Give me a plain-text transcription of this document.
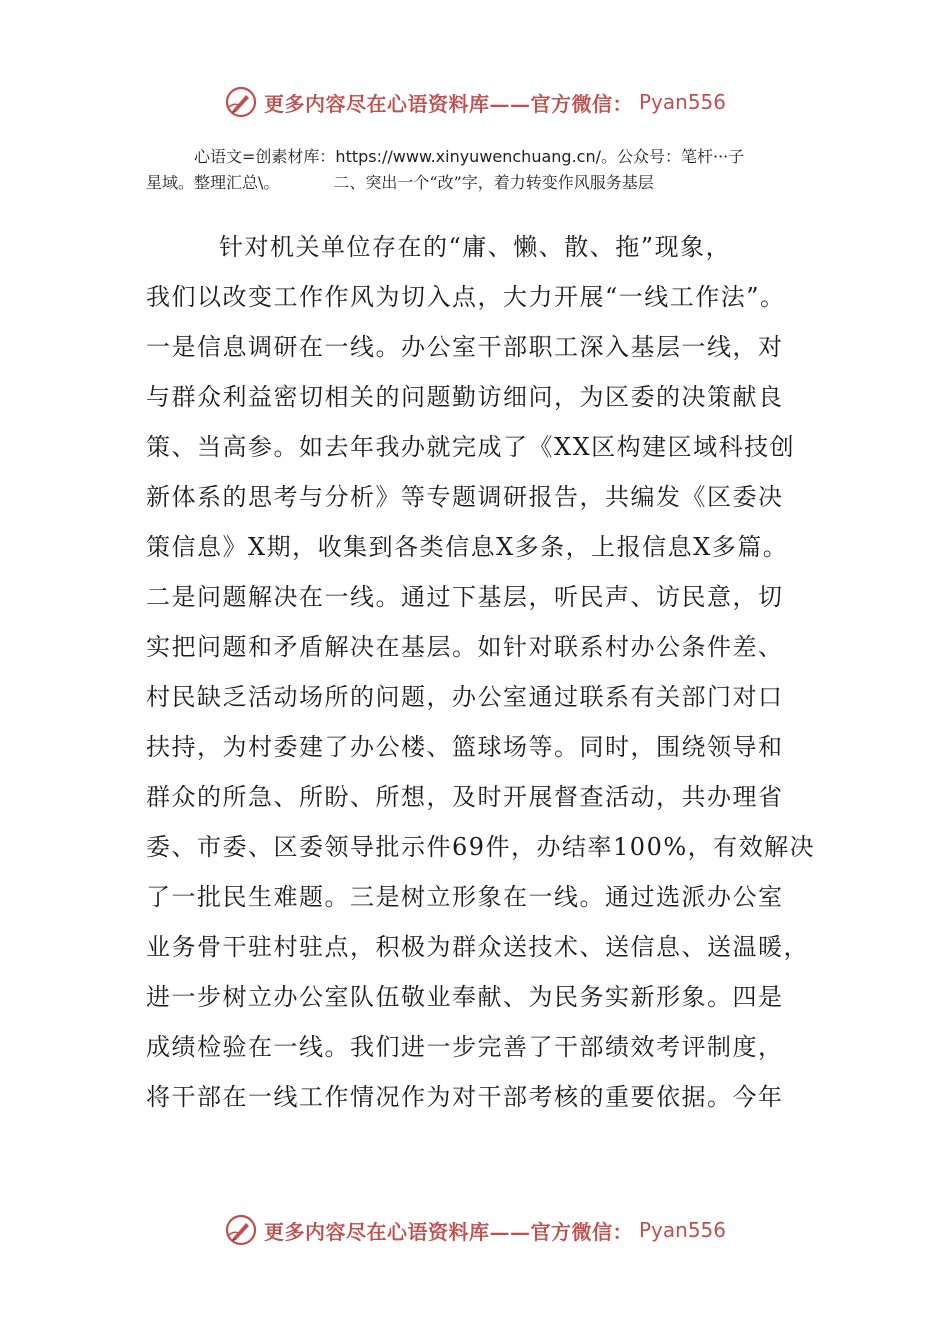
更多内容尽在心语资料库——官方微信： Pyan556
心语文=创素材库：https://www.xinyuwenchuang.cn/。公众号：笔杆···子
星域。整理汇总\。	二、突出一个“改”字，着力转变作风服务基层
针对机关单位存在的“庸、懒、散、拖”现象，
我们以改变工作作风为切入点，大力开展“一线工作法”。
一是信息调研在一线。办公室干部职工深入基层一线，对
与群众利益密切相关的问题勤访细问，为区委的决策献良
策、当高参。如去年我办就完成了《XX区构建区域科技创
新体系的思考与分析》等专题调研报告，共编发《区委决
策信息》X期，收集到各类信息X多条，上报信息X多篇。
二是问题解决在一线。通过下基层，听民声、访民意，切
实把问题和矛盾解决在基层。如针对联系村办公条件差、
村民缺乏活动场所的问题，办公室通过联系有关部门对口
扶持，为村委建了办公楼、篮球场等。同时，围绕领导和
群众的所急、所盼、所想，及时开展督查活动，共办理省
委、市委、区委领导批示件69件，办结率100%，有效解决
了一批民生难题。三是树立形象在一线。通过选派办公室
业务骨干驻村驻点，积极为群众送技术、送信息、送温暖，
进一步树立办公室队伍敬业奉献、为民务实新形象。四是
成绩检验在一线。我们进一步完善了干部绩效考评制度，
将干部在一线工作情况作为对干部考核的重要依据。今年
更多内容尽在心语资料库——官方微信： Pyan556
